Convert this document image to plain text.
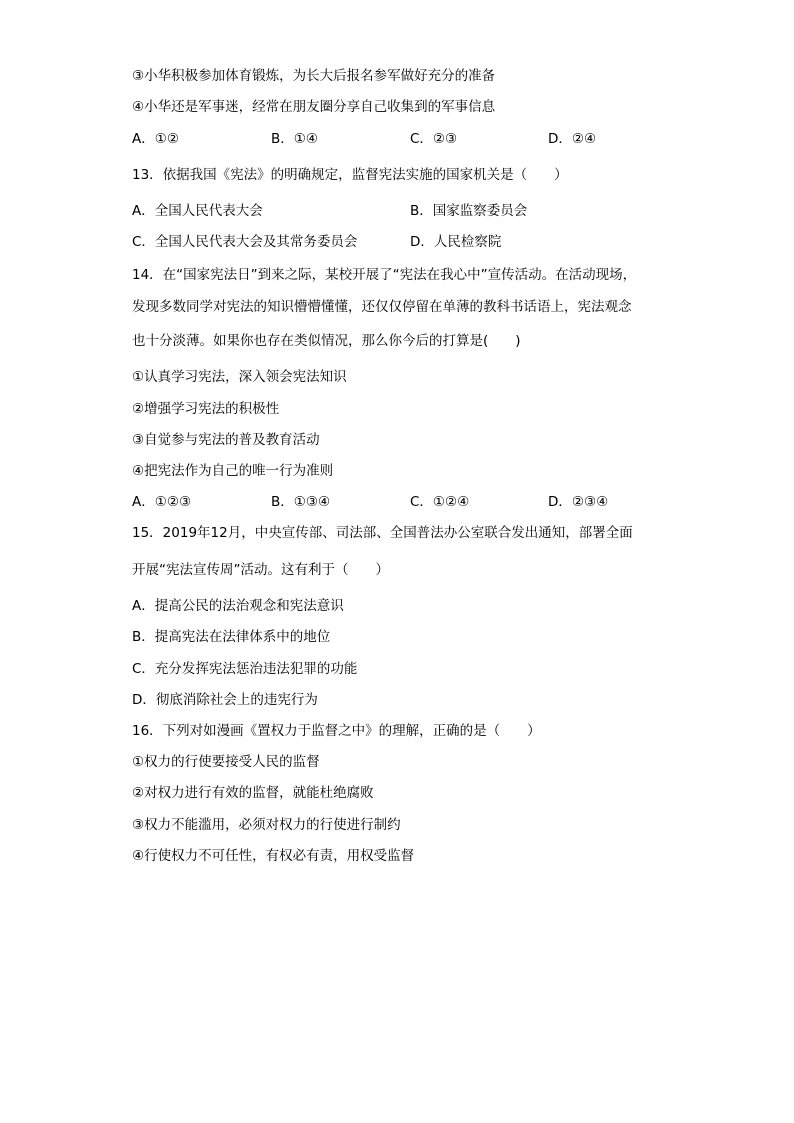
③小华积极参加体育锻炼，为长大后报名参军做好充分的准备
④小华还是军事迷，经常在朋友圈分享自己收集到的军事信息
A．①②	B．①④	C．②③	D．②④
13．依据我国《宪法》的明确规定，监督宪法实施的国家机关是（　　）
A．全国人民代表大会	B．国家监察委员会
C．全国人民代表大会及其常务委员会	D．人民检察院
14．在“国家宪法日”到来之际，某校开展了“宪法在我心中”宣传活动。在活动现场，
发现多数同学对宪法的知识懵懵懂懂，还仅仅停留在单薄的教科书话语上，宪法观念
也十分淡薄。如果你也存在类似情况，那么你今后的打算是(　　)
①认真学习宪法，深入领会宪法知识
②增强学习宪法的积极性
③自觉参与宪法的普及教育活动
④把宪法作为自己的唯一行为准则
A．①②③	B．①③④	C．①②④	D．②③④
15．2019年12月，中央宣传部、司法部、全国普法办公室联合发出通知，部署全面
开展“宪法宣传周”活动。这有利于（　　）
A．提高公民的法治观念和宪法意识
B．提高宪法在法律体系中的地位
C．充分发挥宪法惩治违法犯罪的功能
D．彻底消除社会上的违宪行为
16．下列对如漫画《置权力于监督之中》的理解，正确的是（　　）
①权力的行使要接受人民的监督
②对权力进行有效的监督，就能杜绝腐败
③权力不能滥用，必须对权力的行使进行制约
④行使权力不可任性，有权必有责，用权受监督
